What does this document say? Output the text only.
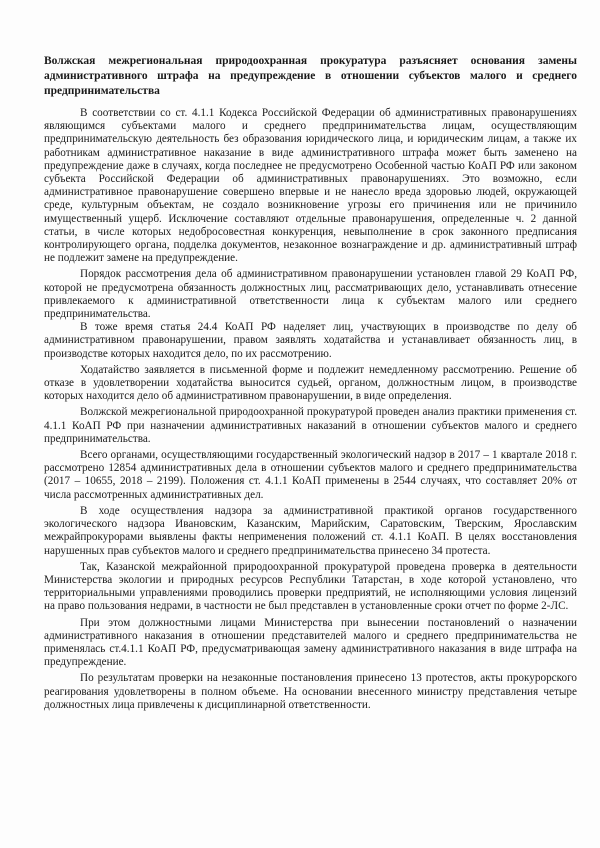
Волжская межрегиональная природоохранная прокуратура разъясняет основания замены административного штрафа на предупреждение в отношении субъектов малого и среднего предпринимательства

В соответствии со ст. 4.1.1 Кодекса Российской Федерации об административных правонарушениях являющимся субъектами малого и среднего предпринимательства лицам, осуществляющим предпринимательскую деятельность без образования юридического лица, и юридическим лицам, а также их работникам административное наказание в виде административного штрафа может быть заменено на предупреждение даже в случаях, когда последнее не предусмотрено Особенной частью КоАП РФ или законом субъекта Российской Федерации об административных правонарушениях. Это возможно, если административное правонарушение совершено впервые и не нанесло вреда здоровью людей, окружающей среде, культурным объектам, не создало возникновение угрозы его причинения или не причинило имущественный ущерб. Исключение составляют отдельные правонарушения, определенные ч. 2 данной статьи, в числе которых недобросовестная конкуренция, невыполнение в срок законного предписания контролирующего органа, подделка документов, незаконное вознаграждение и др. административный штраф не подлежит замене на предупреждение.

Порядок рассмотрения дела об административном правонарушении установлен главой 29 КоАП РФ, которой не предусмотрена обязанность должностных лиц, рассматривающих дело, устанавливать отнесение привлекаемого к административной ответственности лица к субъектам малого или среднего предпринимательства.

В тоже время статья 24.4 КоАП РФ наделяет лиц, участвующих в производстве по делу об административном правонарушении, правом заявлять ходатайства и устанавливает обязанность лиц, в производстве которых находится дело, по их рассмотрению.

Ходатайство заявляется в письменной форме и подлежит немедленному рассмотрению. Решение об отказе в удовлетворении ходатайства выносится судьей, органом, должностным лицом, в производстве которых находится дело об административном правонарушении, в виде определения.

Волжской межрегиональной природоохранной прокуратурой проведен анализ практики применения ст. 4.1.1 КоАП РФ при назначении административных наказаний в отношении субъектов малого и среднего предпринимательства.

Всего органами, осуществляющими государственный экологический надзор в 2017 – 1 квартале 2018 г. рассмотрено 12854 административных дела в отношении субъектов малого и среднего предпринимательства (2017 – 10655, 2018 – 2199). Положения ст. 4.1.1 КоАП применены в 2544 случаях, что составляет 20% от числа рассмотренных административных дел.

В ходе осуществления надзора за административной практикой органов государственного экологического надзора Ивановским, Казанским, Марийским, Саратовским, Тверским, Ярославским межрайпрокурорами выявлены факты неприменения положений ст. 4.1.1 КоАП. В целях восстановления нарушенных прав субъектов малого и среднего предпринимательства принесено 34 протеста.

Так, Казанской межрайонной природоохранной прокуратурой проведена проверка в деятельности Министерства экологии и природных ресурсов Республики Татарстан, в ходе которой установлено, что территориальными управлениями проводились проверки предприятий, не исполняющими условия лицензий на право пользования недрами, в частности не был представлен в установленные сроки отчет по форме 2-ЛС.

При этом должностными лицами Министерства при вынесении постановлений о назначении административного наказания в отношении представителей малого и среднего предпринимательства не применялась ст.4.1.1 КоАП РФ, предусматривающая замену административного наказания в виде штрафа на предупреждение.

По результатам проверки на незаконные постановления принесено 13 протестов, акты прокурорского реагирования удовлетворены в полном объеме. На основании внесенного министру представления четыре должностных лица привлечены к дисциплинарной ответственности.
